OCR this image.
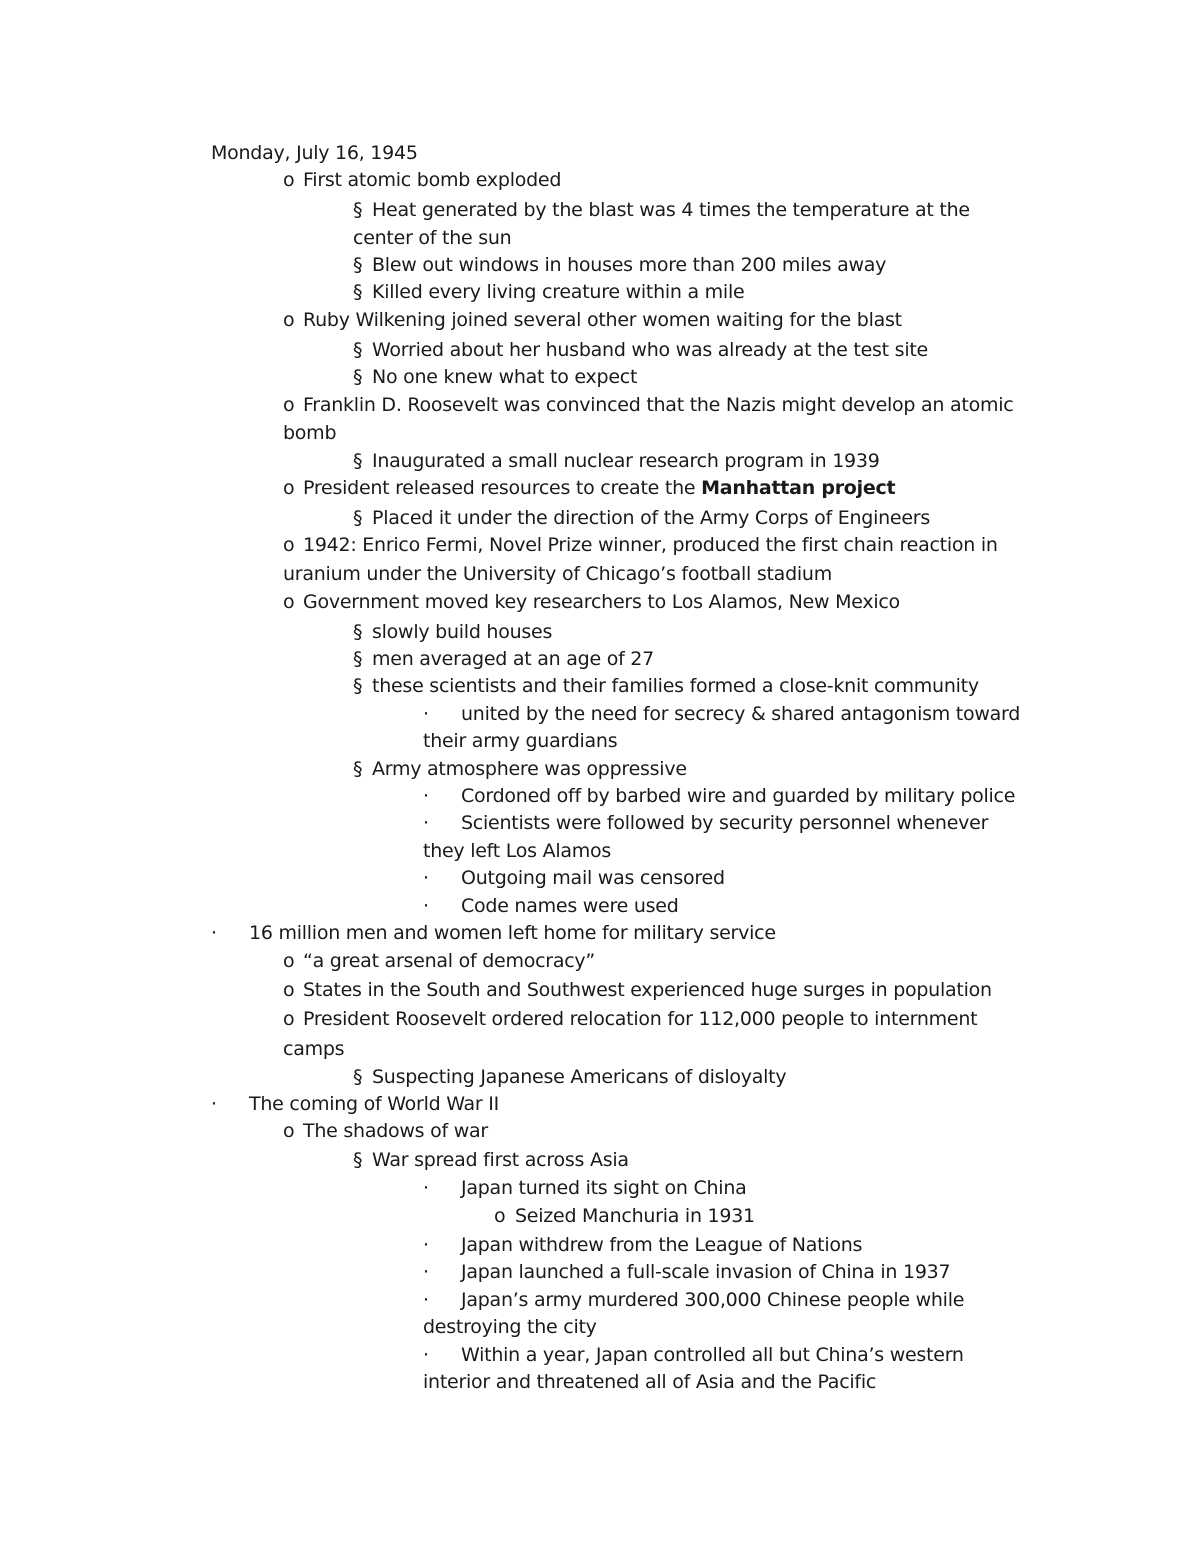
Monday, July 16, 1945
o First atomic bomb exploded
§ Heat generated by the blast was 4 times the temperature at the
center of the sun
§ Blew out windows in houses more than 200 miles away
§ Killed every living creature within a mile
o Ruby Wilkening joined several other women waiting for the blast
§ Worried about her husband who was already at the test site
§ No one knew what to expect
o Franklin D. Roosevelt was convinced that the Nazis might develop an atomic
bomb
§ Inaugurated a small nuclear research program in 1939
o President released resources to create the Manhattan project
§ Placed it under the direction of the Army Corps of Engineers
o 1942: Enrico Fermi, Novel Prize winner, produced the first chain reaction in
uranium under the University of Chicago’s football stadium
o Government moved key researchers to Los Alamos, New Mexico
§ slowly build houses
§ men averaged at an age of 27
§ these scientists and their families formed a close-knit community
· united by the need for secrecy & shared antagonism toward
their army guardians
§ Army atmosphere was oppressive
· Cordoned off by barbed wire and guarded by military police
· Scientists were followed by security personnel whenever
they left Los Alamos
· Outgoing mail was censored
· Code names were used
· 16 million men and women left home for military service
o “a great arsenal of democracy”
o States in the South and Southwest experienced huge surges in population
o President Roosevelt ordered relocation for 112,000 people to internment
camps
§ Suspecting Japanese Americans of disloyalty
· The coming of World War II
o The shadows of war
§ War spread first across Asia
· Japan turned its sight on China
o Seized Manchuria in 1931
· Japan withdrew from the League of Nations
· Japan launched a full-scale invasion of China in 1937
· Japan’s army murdered 300,000 Chinese people while
destroying the city
· Within a year, Japan controlled all but China’s western
interior and threatened all of Asia and the Pacific
